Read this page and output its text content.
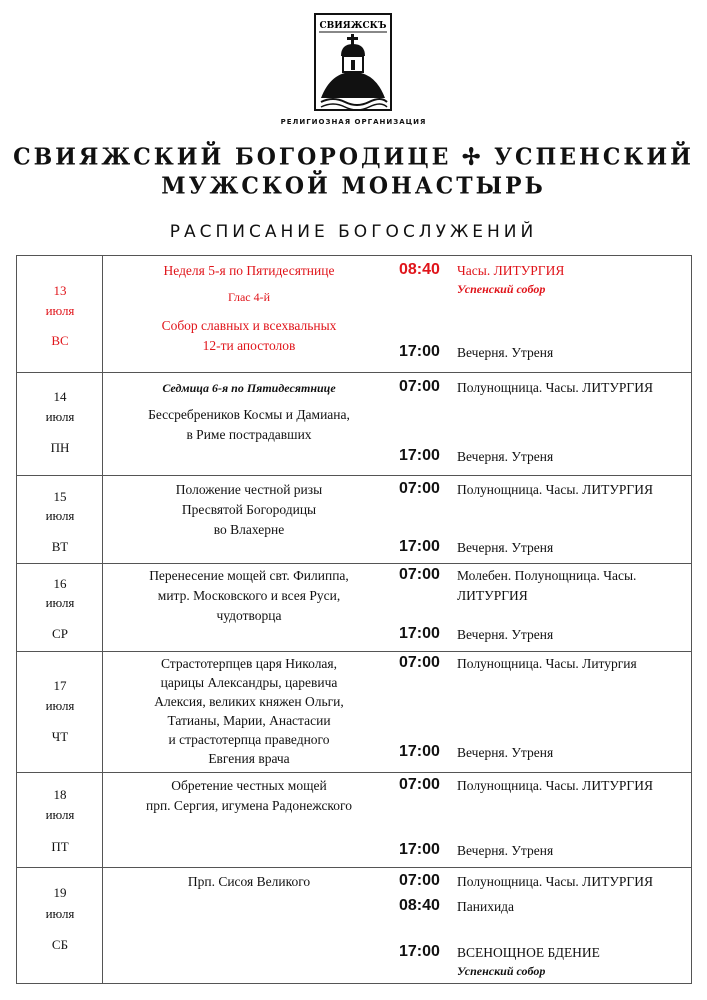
СВИЯЖСКЪ
РЕЛИГИОЗНАЯ ОРГАНИЗАЦИЯ
СВИЯЖСКИЙ БОГОРОДИЦЕ ✢ УСПЕНСКИЙ
МУЖСКОЙ МОНАСТЫРЬ
РАСПИСАНИЕ БОГОСЛУЖЕНИЙ
13
июля
ВС
Неделя 5-я по Пятидесятнице
Глас 4-й
Собор славных и всехвальных
12-ти апостолов
08:40 Часы. ЛИТУРГИЯ
Успенский собор
17:00 Вечерня. Утреня
14
июля
ПН
Седмица 6-я по Пятидесятнице
Бессребреников Космы и Дамиана,
в Риме пострадавших
07:00 Полунощница. Часы. ЛИТУРГИЯ
17:00 Вечерня. Утреня
15
июля
ВТ
Положение честной ризы
Пресвятой Богородицы
во Влахерне
07:00 Полунощница. Часы. ЛИТУРГИЯ
17:00 Вечерня. Утреня
16
июля
СР
Перенесение мощей свт. Филиппа,
митр. Московского и всея Руси,
чудотворца
07:00 Молебен. Полунощница. Часы.
ЛИТУРГИЯ
17:00 Вечерня. Утреня
17
июля
ЧТ
Страстотерпцев царя Николая,
царицы Александры, царевича
Алексия, великих княжен Ольги,
Татианы, Марии, Анастасии
и страстотерпца праведного
Евгения врача
07:00 Полунощница. Часы. Литургия
17:00 Вечерня. Утреня
18
июля
ПТ
Обретение честных мощей
прп. Сергия, игумена Радонежского
07:00 Полунощница. Часы. ЛИТУРГИЯ
17:00 Вечерня. Утреня
19
июля
СБ
Прп. Сисоя Великого	07:00 Полунощница. Часы. ЛИТУРГИЯ
08:40 Панихида
17:00 ВСЕНОЩНОЕ БДЕНИЕ
Успенский собор
